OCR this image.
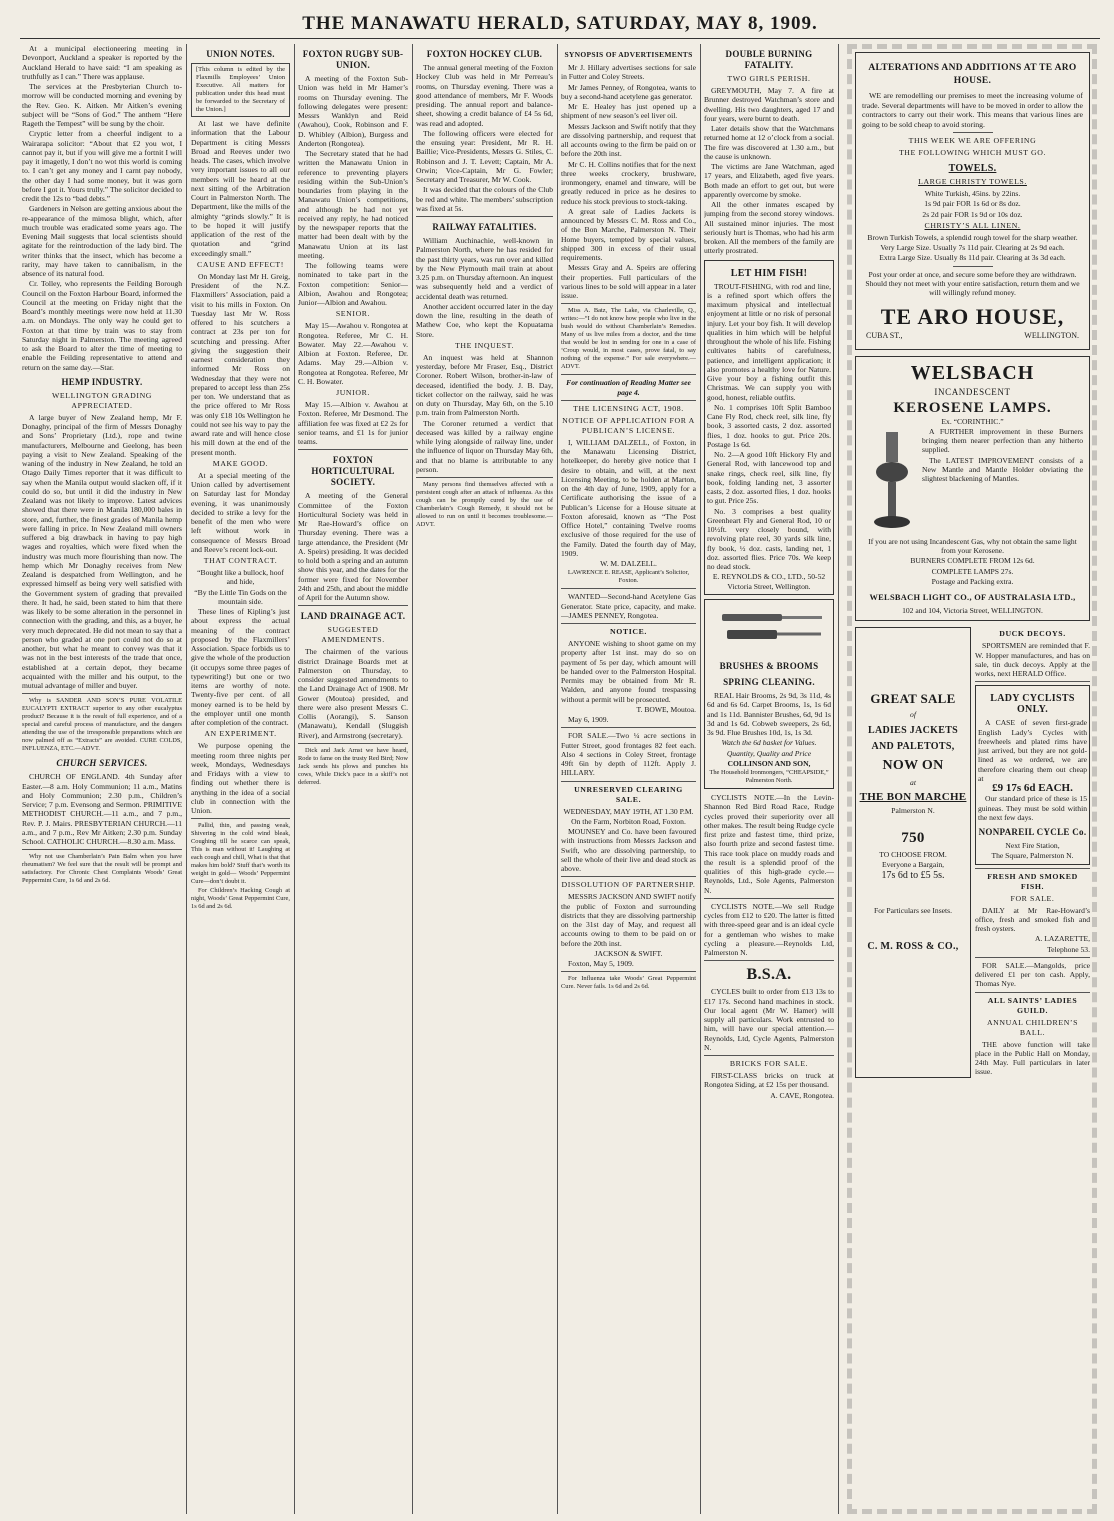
THE MANAWATU HERALD, SATURDAY, MAY 8, 1909.

At a municipal electioneering meeting in Devonport, Auckland a speaker is reported by the Auckland Herald to have said: “I am speaking as truthfully as I can.” There was applause.

The services at the Presbyterian Church to-morrow will be conducted morning and evening by the Rev. Geo. K. Aitken. Mr Aitken’s evening subject will be “Sons of God.” The anthem “Here Rageth the Tempest” will be sung by the choir.

Cryptic letter from a cheerful indigent to a Wairarapa solicitor: “About that £2 you wot, I cannot pay it, but if you will give me a fortnit I will pay it imagetly, I don’t no wot this world is coming to. I can’t get any money and I carnt pay nobody, the other day I had some money, but it was gorn before I got it. Yours trully.” The solicitor decided to credit the 12s to “bad debts.”

Gardeners in Nelson are getting anxious about the re-appearance of the mimosa blight, which, after much trouble was eradicated some years ago. The Evening Mail suggests that local scientists should agitate for the reintroduction of the lady bird. The writer thinks that the insect, which has become a rarity, may have taken to cannibalism, in the absence of its natural food.

Cr. Tolley, who represents the Feilding Borough Council on the Foxton Harbour Board, informed the Council at the meeting on Friday night that the Board’s monthly meetings were now held at 11.30 a.m. on Mondays. The only way he could get to Foxton at that time by train was to stay from Saturday night in Palmerston. The meeting agreed to ask the Board to alter the time of meeting to enable the Feilding representative to attend and return on the same day.—Star.

HEMP INDUSTRY.
WELLINGTON GRADING APPRECIATED.

A large buyer of New Zealand hemp, Mr F. Donaghy, principal of the firm of Messrs Donaghy and Sons’ Proprietary (Ltd.), rope and twine manufacturers, Melbourne and Geelong, has been paying a visit to New Zealand. Speaking of the waning of the industry in New Zealand, he told an Otago Daily Times reporter that it was difficult to say when the Manila output would slacken off, if it could do so, but until it did the industry in New Zealand was not likely to improve. Latest advices showed that there were in Manila 180,000 bales in store, and, further, the finest grades of Manila hemp were falling in price. In New Zealand mill owners suffered a big drawback in having to pay high wages and royalties, which were fixed when the industry was much more flourishing than now. The hemp which Mr Donaghy receives from New Zealand is despatched from Wellington, and he expressed himself as being very well satisfied with the Government system of grading that prevailed there. It had, he said, been stated to him that there was likely to be some alteration in the personnel in connection with the grading, and this, as a buyer, he very much deprecated. He did not mean to say that a person who graded at one port could not do so at another, but what he meant to convey was that it was not in the best interests of the trade that once, established at a certain depot, they became acquainted with the miller and his output, to the mutual advantage of miller and buyer.

Why is SANDER AND SON’S PURE VOLATILE EUCALYPTI EXTRACT superior to any other eucalyptus product? Because it is the result of full experience, and of a special and careful process of manufacture, and the dangers attending the use of the irresponsible preparations which are now palmed off as “Extracts” are avoided. CURE COLDS, INFLUENZA, ETC.—ADVT.

CHURCH SERVICES.

CHURCH OF ENGLAND. 4th Sunday after Easter.—8 a.m. Holy Communion; 11 a.m., Matins and Holy Communion; 2.30 p.m., Children’s Service; 7 p.m. Evensong and Sermon. PRIMITIVE METHODIST CHURCH.—11 a.m., and 7 p.m., Rev. P. J. Mairs. PRESBYTERIAN CHURCH.—11 a.m., and 7 p.m., Rev Mr Aitken; 2.30 p.m. Sunday School. CATHOLIC CHURCH.—8.30 a.m. Mass.

Why not use Chamberlain’s Pain Balm when you have rheumatism? We feel sure that the result will be prompt and satisfactory. For Chronic Chest Complaints Woods’ Great Peppermint Cure, 1s 6d and 2s 6d.

UNION NOTES.
[This column is edited by the Flaxmills Employees’ Union Executive. All matters for publication under this head must be forwarded to the Secretary of the Union.]

At last we have definite information that the Labour Department is citing Messrs Broad and Reeves under two heads. The cases, which involve very important issues to all our members will be heard at the next sitting of the Arbitration Court in Palmerston North. The Department, like the mills of the almighty “grinds slowly.” It is to be hoped it will justify application of the rest of the quotation and “grind exceedingly small.”

CAUSE AND EFFECT!

On Monday last Mr H. Greig, President of the N.Z. Flaxmillers’ Association, paid a visit to his mills in Foxton. On Tuesday last Mr W. Ross offered to his scutchers a contract at 23s per ton for scutching and pressing. After giving the suggestion their earnest consideration they informed Mr Ross on Wednesday that they were not prepared to accept less than 25s per ton. We understand that as the price offered to Mr Ross was only £18 10s Wellington he could not see his way to pay the award rate and will hence close his mill down at the end of the present month.

MAKE GOOD.

At a special meeting of the Union called by advertisement on Saturday last for Monday evening, it was unanimously decided to strike a levy for the benefit of the men who were left without work in consequence of Messrs Broad and Reeve’s recent lock-out.

THAT CONTRACT.

“Bought like a bullock, hoof and hide,

“By the Little Tin Gods on the mountain side.

These lines of Kipling’s just about express the actual meaning of the contract proposed by the Flaxmillers’ Association. Space forbids us to give the whole of the production (it occupys some three pages of typewriting!) but one or two items are worthy of note. Twenty-five per cent. of all money earned is to be held by the employer until one month after completion of the contract.

AN EXPERIMENT.

We purpose opening the meeting room three nights per week, Mondays, Wednesdays and Fridays with a view to finding out whether there is anything in the idea of a social club in connection with the Union.

Pallid, thin, and passing weak, Shivering in the cold wind bleak, Coughing till he scarce can speak, This is man without it! Laughing at each cough and chill, What is that that makes him bold? Stuff that’s worth its weight in gold— Woods’ Peppermint Cure—don’t doubt it.

For Children’s Hacking Cough at night, Woods’ Great Peppermint Cure, 1s 6d and 2s 6d.

FOXTON RUGBY SUB-UNION.

A meeting of the Foxton Sub-Union was held in Mr Hamer’s rooms on Thursday evening. The following delegates were present: Messrs Wanklyn and Reid (Awahou), Cook, Robinson and F. D. Whibley (Albion), Burgess and Anderton (Rongotea).

The Secretary stated that he had written the Manawatu Union in reference to preventing players residing within the Sub-Union’s boundaries from playing in the Manawatu Union’s competitions, and although he had not yet received any reply, he had noticed by the newspaper reports that the matter had been dealt with by the Manawatu Union at its last meeting.

The following teams were nominated to take part in the Foxton competition: Senior—Albion, Awahou and Rongotea; Junior—Albion and Awahou.

SENIOR.

May 15—Awahou v. Rongotea at Rongotea. Referee, Mr C. H. Bowater. May 22.—Awahou v. Albion at Foxton. Referee, Dr. Adams. May 29.—Albion v. Rongotea at Rongotea. Referee, Mr C. H. Bowater.

JUNIOR.

May 15.—Albion v. Awahou at Foxton. Referee, Mr Desmond. The affiliation fee was fixed at £2 2s for senior teams, and £1 1s for junior teams.

FOXTON HORTICULTURAL SOCIETY.

A meeting of the General Committee of the Foxton Horticultural Society was held in Mr Rae-Howard’s office on Thursday evening. There was a large attendance, the President (Mr A. Speirs) presiding. It was decided to hold both a spring and an autumn show this year, and the dates for the former were fixed for November 24th and 25th, and about the middle of April for the Autumn show.

LAND DRAINAGE ACT.
SUGGESTED AMENDMENTS.

The chairmen of the various district Drainage Boards met at Palmerston on Thursday, to consider suggested amendments to the Land Drainage Act of 1908. Mr Gower (Moutoa) presided, and there were also present Messrs C. Collis (Aorangi), S. Sanson (Manawatu), Kendall (Sluggish River), and Armstrong (secretary).

Dick and Jack Arnst we have heard, Rode to fame on the trusty Red Bird; Now Jack sends his plows and punches his cows, While Dick’s pace in a skiff’s not deferred.

FOXTON HOCKEY CLUB.

The annual general meeting of the Foxton Hockey Club was held in Mr Perreau’s rooms, on Thursday evening. There was a good attendance of members, Mr F. Woods presiding. The annual report and balance-sheet, showing a credit balance of £4 5s 6d, was read and adopted.

The following officers were elected for the ensuing year: President, Mr R. H. Baillie; Vice-Presidents, Messrs G. Stiles, C. Robinson and J. T. Levett; Captain, Mr A. Orwin; Vice-Captain, Mr G. Fowler; Secretary and Treasurer, Mr W. Cook.

It was decided that the colours of the Club be red and white. The members’ subscription was fixed at 5s.

RAILWAY FATALITIES.

William Auchinachie, well-known in Palmerston North, where he has resided for the past thirty years, was run over and killed by the New Plymouth mail train at about 3.25 p.m. on Thursday afternoon. An inquest was subsequently held and a verdict of accidental death was returned.

Another accident occurred later in the day down the line, resulting in the death of Mathew Coe, who kept the Kopuatama Store.

THE INQUEST.

An inquest was held at Shannon yesterday, before Mr Fraser, Esq., District Coroner. Robert Wilson, brother-in-law of deceased, identified the body. J. B. Day, ticket collector on the railway, said he was on duty on Thursday, May 6th, on the 5.10 p.m. train from Palmerston North.

The Coroner returned a verdict that deceased was killed by a railway engine while lying alongside of railway line, under the influence of liquor on Thursday May 6th, and that no blame is attributable to any person.

Many persons find themselves affected with a persistent cough after an attack of influenza. As this cough can be promptly cured by the use of Chamberlain’s Cough Remedy, it should not be allowed to run on until it becomes troublesome.—ADVT.

SYNOPSIS OF ADVERTISEMENTS

Mr J. Hillary advertises sections for sale in Futter and Coley Streets.

Mr James Penney, of Rongotea, wants to buy a second-hand acetylene gas generator.

Mr E. Healey has just opened up a shipment of new season’s eel liver oil.

Messrs Jackson and Swift notify that they are dissolving partnership, and request that all accounts owing to the firm be paid on or before the 20th inst.

Mr C. H. Collins notifies that for the next three weeks crockery, brushware, ironmongery, enamel and tinware, will be greatly reduced in price as he desires to reduce his stock previous to stock-taking.

A great sale of Ladies Jackets is announced by Messrs C. M. Ross and Co., of the Bon Marche, Palmerston N. Their Home buyers, tempted by special values, shipped 300 in excess of their usual requirements.

Messrs Gray and A. Speirs are offering their properties. Full particulars of the various lines to be sold will appear in a later issue.

Miss A. Batz, The Lake, via Charleville, Q., writes:—“I do not know how people who live in the bush would do without Chamberlain’s Remedies. Many of us live miles from a doctor, and the time that would be lost in sending for one in a case of ‘Croup would, in most cases, prove fatal, to say nothing of the expense.” For sale everywhere.—ADVT.

For continuation of Reading Matter see page 4.

THE LICENSING ACT, 1908.
NOTICE OF APPLICATION FOR A PUBLICAN’S LICENSE.

I, WILLIAM DALZELL, of Foxton, in the Manawatu Licensing District, hotelkeeper, do hereby give notice that I desire to obtain, and will, at the next Licensing Meeting, to be holden at Marton, on the 4th day of June, 1909, apply for a Certificate authorising the issue of a Publican’s License for a House situate at Foxton aforesaid, known as “The Post Office Hotel,” containing Twelve rooms exclusive of those required for the use of the Family. Dated the fourth day of May, 1909.

W. M. DALZELL.

LAWRENCE E. REASE, Applicant’s Solicitor, Foxton.

WANTED—Second-hand Acetylene Gas Generator. State price, capacity, and make.—JAMES PENNEY, Rongotea.

NOTICE.

ANYONE wishing to shoot game on my property after 1st inst. may do so on payment of 5s per day, which amount will be handed over to the Palmerston Hospital. Permits may be obtained from Mr R. Walden, and anyone found trespassing without a permit will be prosecuted.

T. BOWE, Moutoa.

May 6, 1909.

FOR SALE.—Two ¼ acre sections in Futter Street, good frontages 82 feet each. Also 4 sections in Coley Street, frontage 49ft 6in by depth of 112ft. Apply J. HILLARY.

UNRESERVED CLEARING SALE.

WEDNESDAY, MAY 19TH, AT 1.30 P.M.

On the Farm, Norbiton Road, Foxton.

MOUNSEY and Co. have been favoured with instructions from Messrs Jackson and Swift, who are dissolving partnership, to sell the whole of their live and dead stock as above.

DISSOLUTION OF PARTNERSHIP.

MESSRS JACKSON AND SWIFT notify the public of Foxton and surrounding districts that they are dissolving partnership on the 31st day of May, and request all accounts owing to them to be paid on or before the 20th inst.

JACKSON & SWIFT.

Foxton, May 5, 1909.

For Influenza take Woods’ Great Peppermint Cure. Never fails. 1s 6d and 2s 6d.

DOUBLE BURNING FATALITY.
TWO GIRLS PERISH.

GREYMOUTH, May 7. A fire at Brunner destroyed Watchman’s store and dwelling. His two daughters, aged 17 and four years, were burnt to death.

Later details show that the Watchmans returned home at 12 o’clock from a social. The fire was discovered at 1.30 a.m., but the cause is unknown.

The victims are Jane Watchman, aged 17 years, and Elizabeth, aged five years. Both made an effort to get out, but were apparently overcome by smoke.

All the other inmates escaped by jumping from the second storey windows. All sustained minor injuries. The most seriously hurt is Thomas, who had his arm broken. All the members of the family are utterly prostrated.

LET HIM FISH!

TROUT-FISHING, with rod and line, is a refined sport which offers the maximum physical and intellectual enjoyment at little or no risk of personal injury. Let your boy fish. It will develop qualities in him which will be helpful throughout the whole of his life. Fishing cultivates habits of carefulness, patience, and intelligent application; it also promotes a healthy love for Nature. Give your boy a fishing outfit this Christmas. We can supply you with good, honest, reliable outfits.

No. 1 comprises 10ft Split Bamboo Cane Fly Rod, check reel, silk line, fly book, 3 assorted casts, 2 doz. assorted flies, 1 doz. hooks to gut. Price 20s. Postage 1s 6d.

No. 2—A good 10ft Hickory Fly and General Rod, with lancewood top and snake rings, check reel, silk line, fly book, folding landing net, 3 assorter casts, 2 doz. assorted flies, 1 doz. hooks to gut. Price 25s.

No. 3 comprises a best quality Greenheart Fly and General Rod, 10 or 10½ft. very closely bound, with revolving plate reel, 30 yards silk line, fly book, ½ doz. casts, landing net, 1 doz. assorted flies. Price 70s. We keep no dead stock.

E. REYNOLDS & CO., LTD., 50-52 Victoria Street, Wellington.

BRUSHES & BROOMS
SPRING CLEANING.

REAL Hair Brooms, 2s 9d, 3s 11d, 4s 6d and 6s 6d. Carpet Brooms, 1s, 1s 6d and 1s 11d. Bannister Brushes, 6d, 9d 1s 3d and 1s 6d. Cobweb sweepers, 2s 6d, 3s 9d. Flue Brushes 10d, 1s, 1s 3d.

Watch the 6d basket for Values.

Quantity, Quality and Price

COLLINSON AND SON,

The Household Ironmongers, “CHEAPSIDE,” Palmerston North.

CYCLISTS NOTE.—In the Levin-Shannon Red Bird Road Race, Rudge cycles proved their superiority over all other makes. The result being Rudge cycle first prize and fastest time, third prize, also fourth prize and second fastest time. This race took place on muddy roads and the result is a splendid proof of the qualities of this high-grade cycle.—Reynolds, Ltd., Sole Agents, Palmerston N.

CYCLISTS NOTE.—We sell Rudge cycles from £12 to £20. The latter is fitted with three-speed gear and is an ideal cycle for a gentleman who wishes to make cycling a pleasure.—Reynolds Ltd, Palmerston N.

B.S.A.

CYCLES built to order from £13 13s to £17 17s. Second hand machines in stock. Our local agent (Mr W. Hamer) will supply all particulars. Work entrusted to him, will have our special attention.—Reynolds, Ltd, Cycle Agents, Palmerston N.

BRICKS FOR SALE.

FIRST-CLASS bricks on truck at Rongotea Siding, at £2 15s per thousand.

A. CAVE, Rongotea.

ALTERATIONS AND ADDITIONS AT TE ARO HOUSE.

WE are remodelling our premises to meet the increasing volume of trade. Several departments will have to be moved in order to allow the contractors to carry out their work. This means that various lines are going to be sold cheap to avoid storing.

THIS WEEK WE ARE OFFERING
THE FOLLOWING WHICH MUST GO.
TOWELS.
LARGE CHRISTY TOWELS.

White Turkish, 45ins. by 22ins.

1s 9d pair FOR 1s 6d or 8s doz.

2s 2d pair FOR 1s 9d or 10s doz.

CHRISTY’S ALL LINEN.

Brown Turkish Towels, a splendid rough towel for the sharp weather.

Very Large Size. Usually 7s 11d pair. Clearing at 2s 9d each.

Extra Large Size. Usually 8s 11d pair. Clearing at 3s 3d each.

Post your order at once, and secure some before they are withdrawn. Should they not meet with your entire satisfaction, return them and we will willingly refund money.

TE ARO HOUSE,
CUBA ST.,	WELLINGTON.
WELSBACH
INCANDESCENT
KEROSENE LAMPS.

Ex. “CORINTHIC.”

A FURTHER improvement in these Burners bringing them nearer perfection than any hitherto supplied.

The LATEST IMPROVEMENT consists of a New Mantle and Mantle Holder obviating the slightest blackening of Mantles.

If you are not using Incandescent Gas, why not obtain the same light from your Kerosene.

BURNERS COMPLETE FROM 12s 6d.

COMPLETE LAMPS 27s.

Postage and Packing extra.

WELSBACH LIGHT CO., OF AUSTRALASIA LTD.,

102 and 104, Victoria Street, WELLINGTON.

GREAT SALE

of

LADIES JACKETS
AND PALETOTS,
NOW ON

at

THE BON MARCHE

Palmerston N.

750

TO CHOOSE FROM.

Everyone a Bargain,

17s 6d to £5 5s.

For Particulars see Insets.

C. M. ROSS & CO.,
DUCK DECOYS.

SPORTSMEN are reminded that F. W. Hopper manufactures, and has on sale, tin duck decoys. Apply at the works, next HERALD Office.

LADY CYCLISTS ONLY.

A CASE of seven first-grade English Lady’s Cycles with freewheels and plated rims have just arrived, but they are not gold-lined as we ordered, we are therefore clearing them out cheap at

£9 17s 6d EACH.

Our standard price of these is 15 guineas. They must be sold within the next few days.

NONPAREIL CYCLE Co.

Next Fire Station,

The Square, Palmerston N.

FRESH AND SMOKED FISH.
FOR SALE.

DAILY at Mr Rae-Howard’s office, fresh and smoked fish and fresh oysters.

A. LAZARETTE,

Telephone 53.

FOR SALE.—Mangolds, price delivered £1 per ton cash. Apply, Thomas Nye.

ALL SAINTS’ LADIES GUILD.
ANNUAL CHILDREN’S BALL.

THE above function will take place in the Public Hall on Monday, 24th May. Full particulars in later issue.
